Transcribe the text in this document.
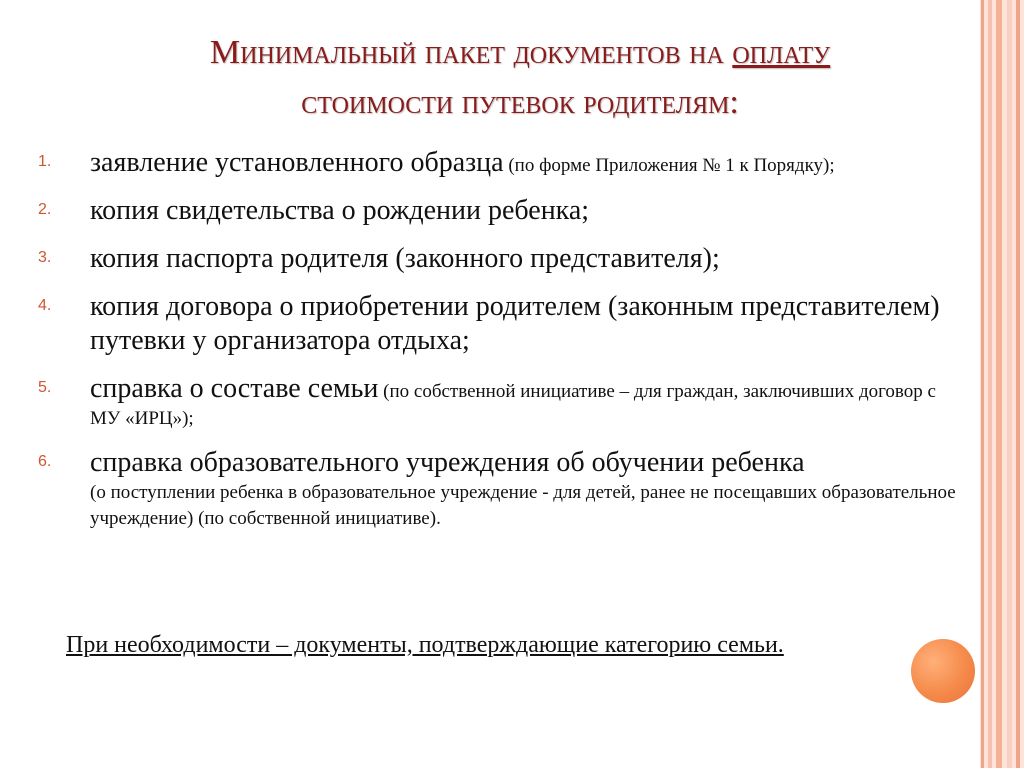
Минимальный пакет документов на оплату
стоимости путевок родителям:
1. заявление установленного образца (по форме Приложения № 1 к Порядку);
2. копия свидетельства о рождении ребенка;
3. копия паспорта родителя (законного представителя);
4. копия договора о приобретении родителем (законным представителем) путевки у организатора отдыха;
5. справка о составе семьи (по собственной инициативе – для граждан, заключивших договор с МУ «ИРЦ»);
6. справка образовательного учреждения об обучении ребенка
(о поступлении ребенка в образовательное учреждение - для детей, ранее не посещавших образовательное учреждение) (по собственной инициативе).
При необходимости – документы, подтверждающие категорию семьи.
